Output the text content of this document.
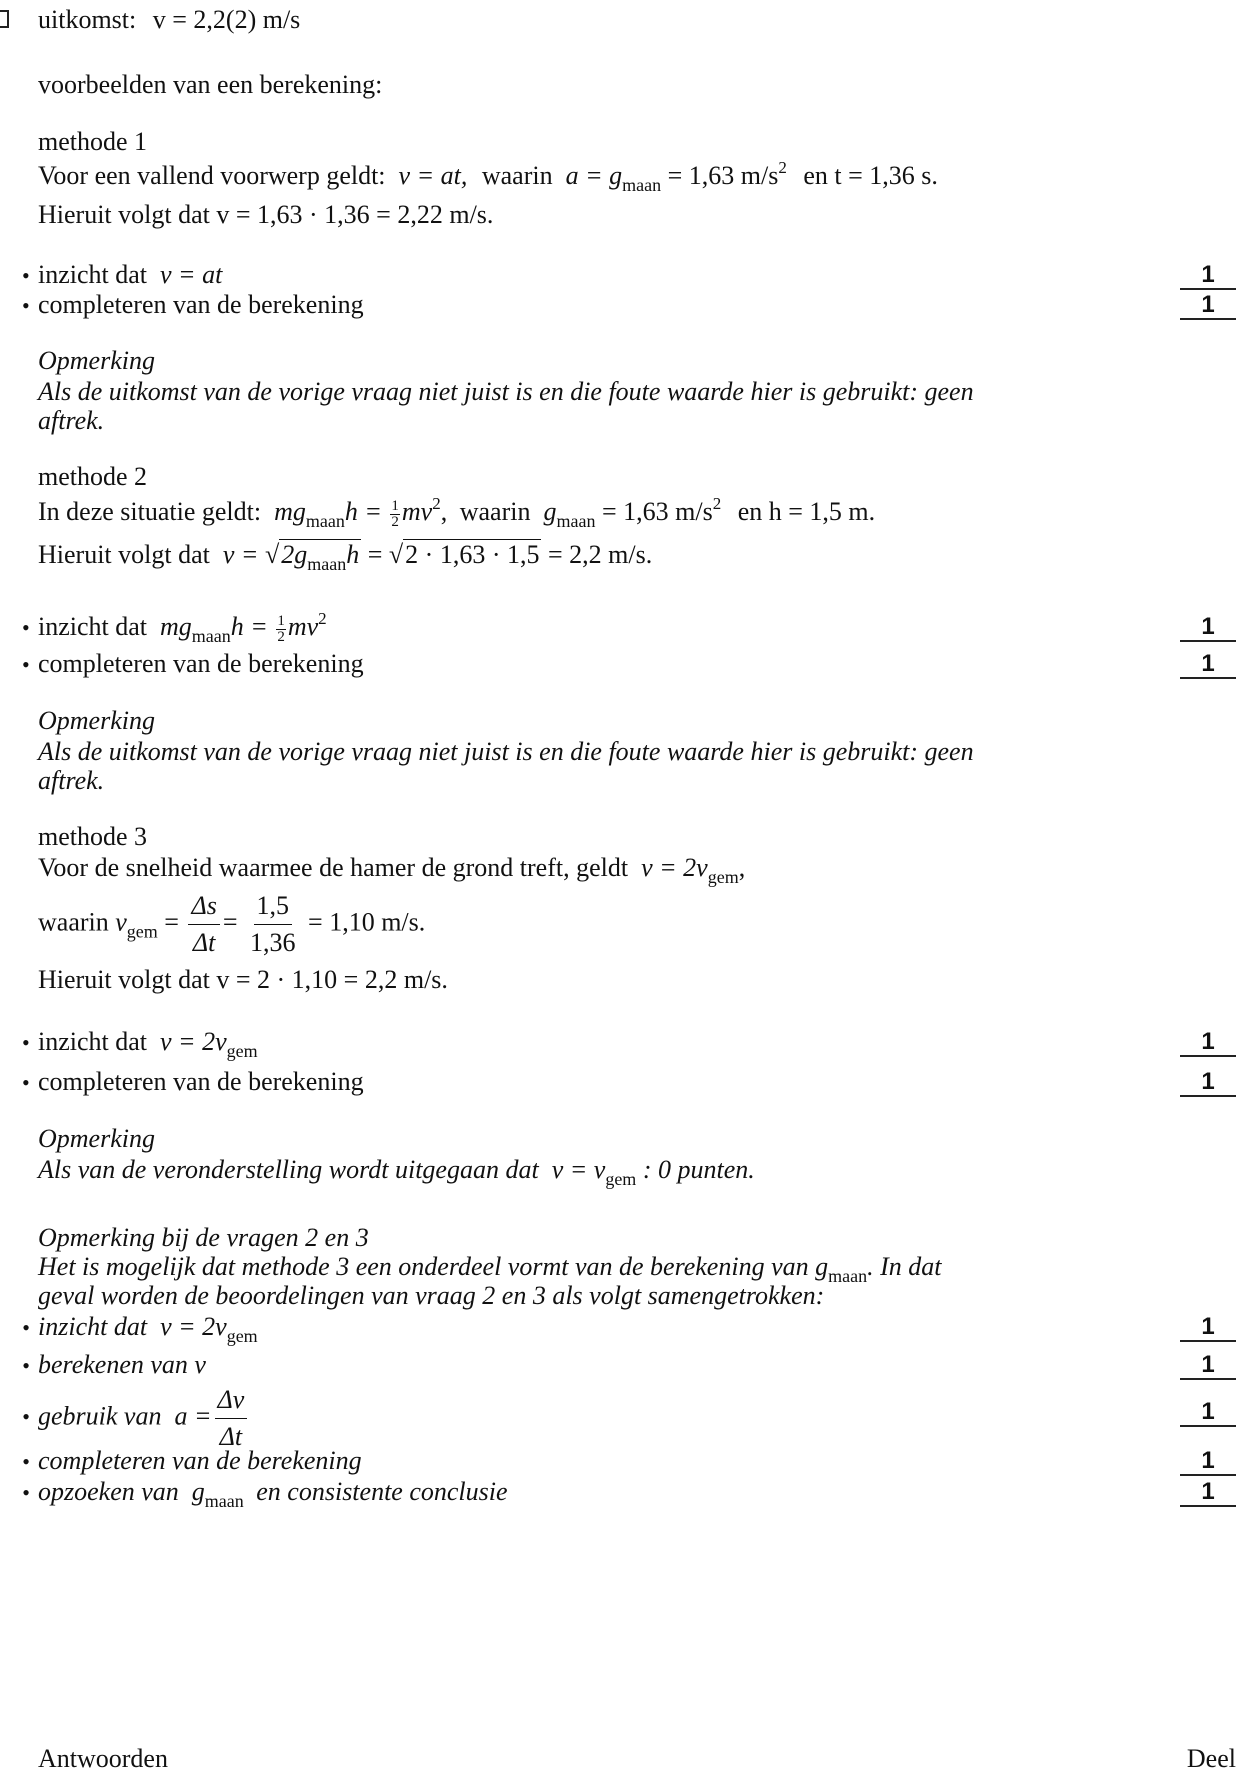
uitkomst: v = 2,2(2) m/s
voorbeelden van een berekening:
methode 1
Voor een vallend voorwerp geldt:  v = at, waarin  $a = g_{maan} = 1,63$ $m/s^2$ en t = 1,36 s.
Hieruit volgt dat v = 1,63 · 1,36 = 2,22 m/s.
• inzicht dat  v = at	1
• completeren van de berekening	1
Opmerking
Als de uitkomst van de vorige vraag niet juist is en die foute waarde hier is gebruikt: geen
aftrek.
methode 2
In deze situatie geldt:  $mg_{maan}h = \frac{1}{2} mv^2$, waarin  $g_{maan} = 1,63$ $m/s^2$ en h = 1,5 m.
Hieruit volgt dat  $v = √2g_{maan}h = √2 \cdot 1,63 \cdot 1,5 = 2,2$ m/s.
• inzicht dat  $mg_{maan}h = \frac{1}{2} mv^2$	1
• completeren van de berekening	1
Opmerking
Als de uitkomst van de vorige vraag niet juist is en die foute waarde hier is gebruikt: geen
aftrek.
methode 3
Voor de snelheid waarmee de hamer de grond treft, geldt  $v = 2v_{gem}$,
waarin $v_{gem} = \frac{\Delta s}{\Delta t} = \frac{1,5}{1,36} = 1,10$ m/s.
Hieruit volgt dat v = 2 · 1,10 = 2,2 m/s.
• inzicht dat  $v = 2v_{gem}$	1
• completeren van de berekening	1
Opmerking
Als van de veronderstelling wordt uitgegaan dat  $v = v_{gem}$ : 0 punten.
Opmerking bij de vragen 2 en 3
Het is mogelijk dat methode 3 een onderdeel vormt van de berekening van $g_{maan}$. In dat
geval worden de beoordelingen van vraag 2 en 3 als volgt samengetrokken:
• inzicht dat  $v = 2v_{gem}$	1
• berekenen van v	1
• gebruik van  $a = \frac{\Delta v}{\Delta t}$	1
• completeren van de berekening	1
• opzoeken van  $g_{maan}$ en consistente conclusie	1
Antwoorden	Deel
